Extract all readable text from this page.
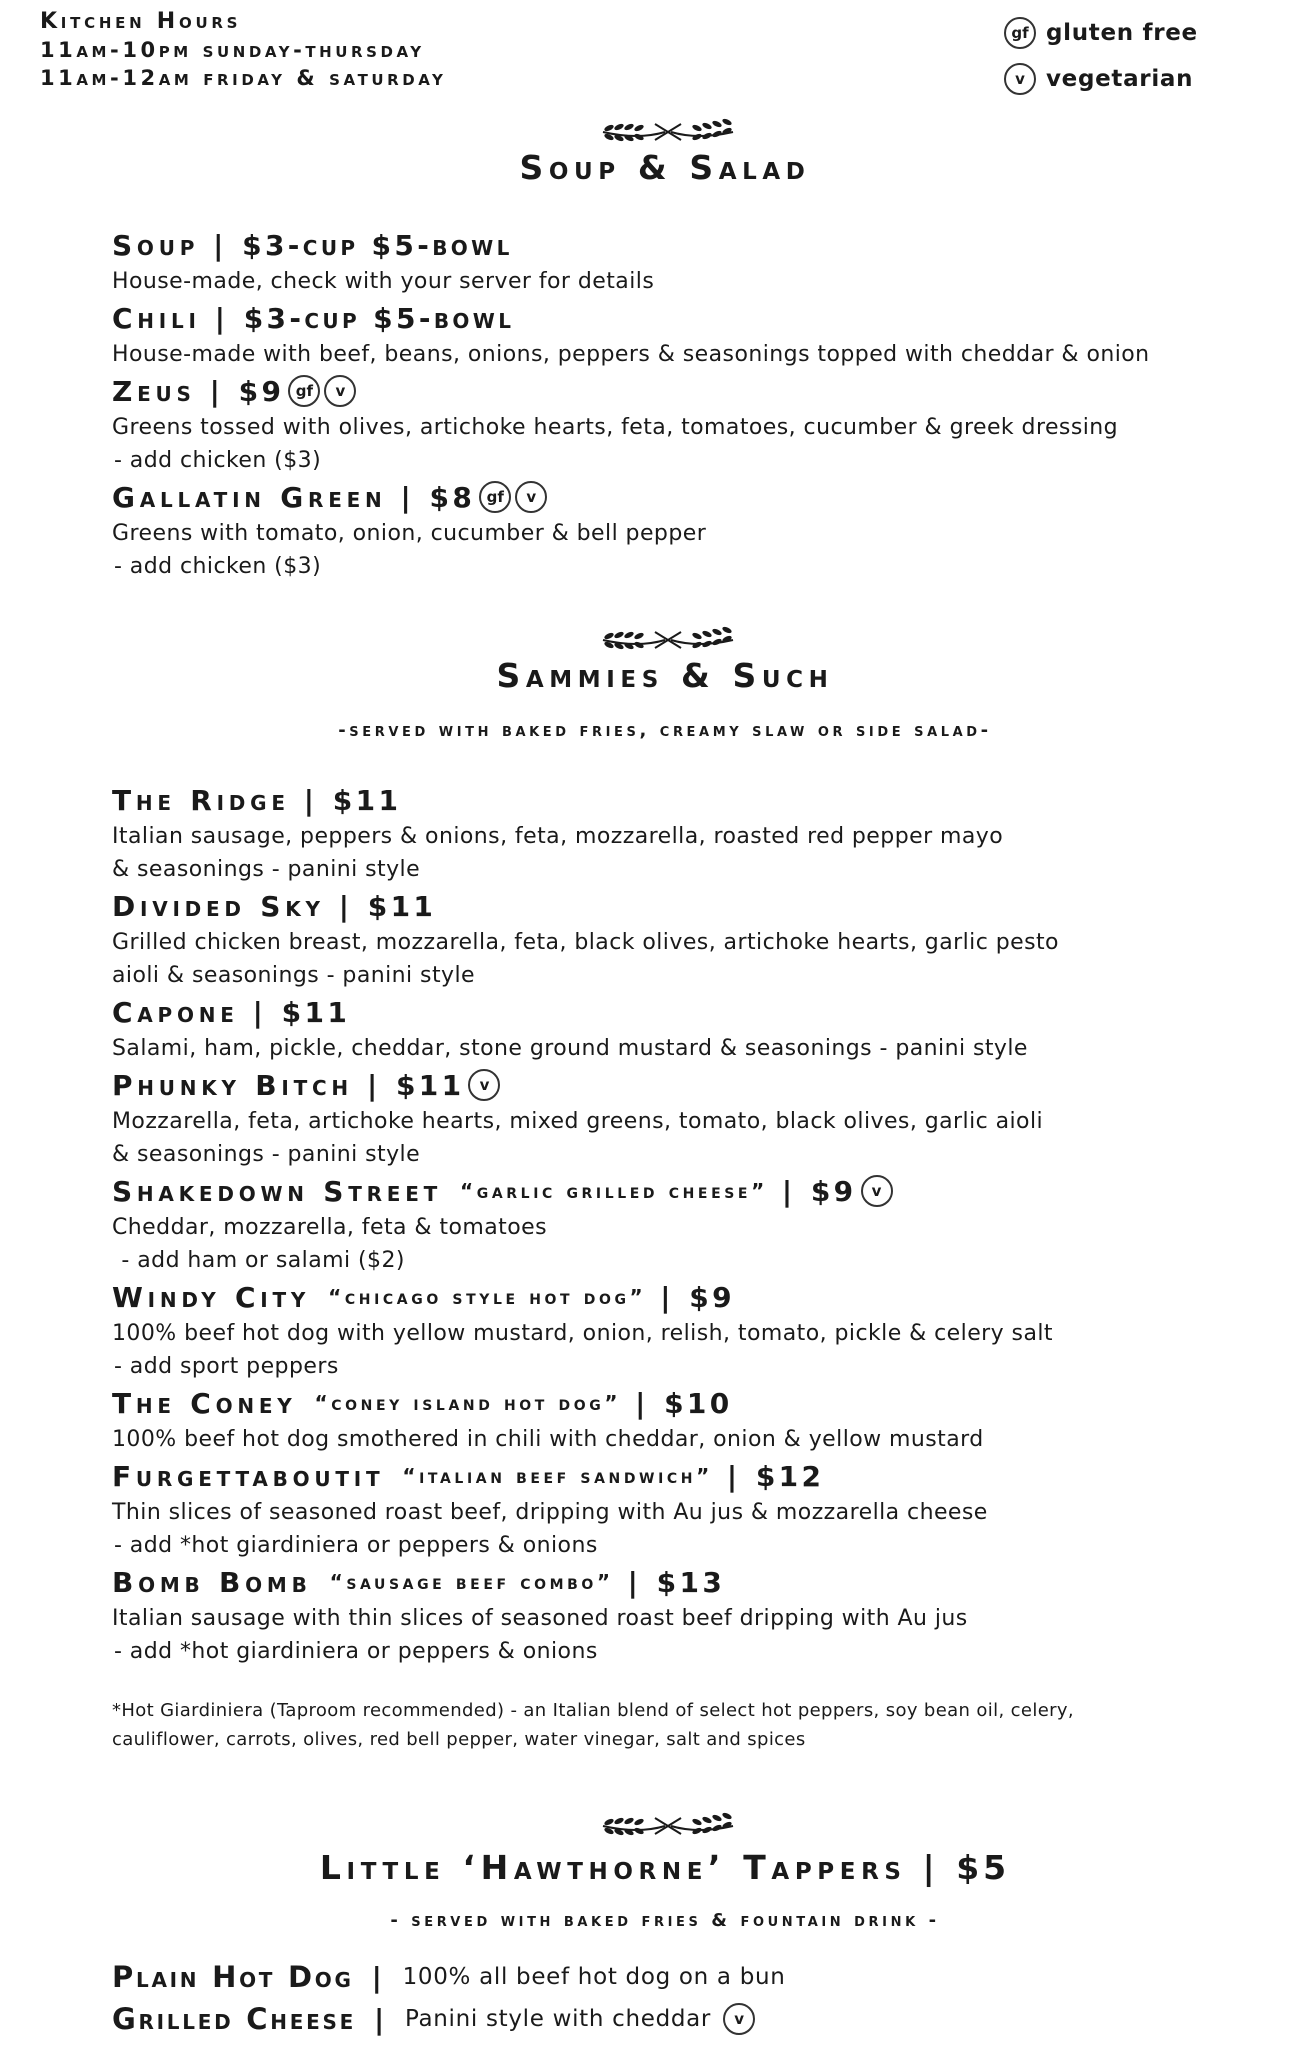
Kitchen Hours
11am-10pm sunday-thursday
11am-12am friday & saturday
gf gluten free
v vegetarian
Soup & Salad
Soup | $3-cup $5-bowl
House-made, check with your server for details
Chili | $3-cup $5-bowl
House-made with beef, beans, onions, peppers & seasonings topped with cheddar & onion
Zeus | $9 gf	v
Greens tossed with olives, artichoke hearts, feta, tomatoes, cucumber & greek dressing
- add chicken ($3)
Gallatin Green | $8 gf	v
Greens with tomato, onion, cucumber & bell pepper
- add chicken ($3)
Sammies & Such
-served with baked fries, creamy slaw or side salad-
The Ridge | $11
Italian sausage, peppers & onions, feta, mozzarella, roasted red pepper mayo
& seasonings - panini style
Divided Sky | $11
Grilled chicken breast, mozzarella, feta, black olives, artichoke hearts, garlic pesto
aioli & seasonings - panini style
Capone | $11
Salami, ham, pickle, cheddar, stone ground mustard & seasonings - panini style
Phunky Bitch | $11	v
Mozzarella, feta, artichoke hearts, mixed greens, tomato, black olives, garlic aioli
& seasonings - panini style
Shakedown Street “garlic grilled cheese” | $9	v
Cheddar, mozzarella, feta & tomatoes
- add ham or salami ($2)
Windy City “chicago style hot dog” | $9
100% beef hot dog with yellow mustard, onion, relish, tomato, pickle & celery salt
- add sport peppers
The Coney “coney island hot dog” | $10
100% beef hot dog smothered in chili with cheddar, onion & yellow mustard
Furgettaboutit “italian beef sandwich” | $12
Thin slices of seasoned roast beef, dripping with Au jus & mozzarella cheese
- add *hot giardiniera or peppers & onions
Bomb Bomb “sausage beef combo” | $13
Italian sausage with thin slices of seasoned roast beef dripping with Au jus
- add *hot giardiniera or peppers & onions
*Hot Giardiniera (Taproom recommended) - an Italian blend of select hot peppers, soy bean oil, celery,
cauliflower, carrots, olives, red bell pepper, water vinegar, salt and spices
Little ‘Hawthorne’ Tappers | $5
- served with baked fries & fountain drink -
Plain Hot Dog | 100% all beef hot dog on a bun
Grilled Cheese | Panini style with cheddar	v
